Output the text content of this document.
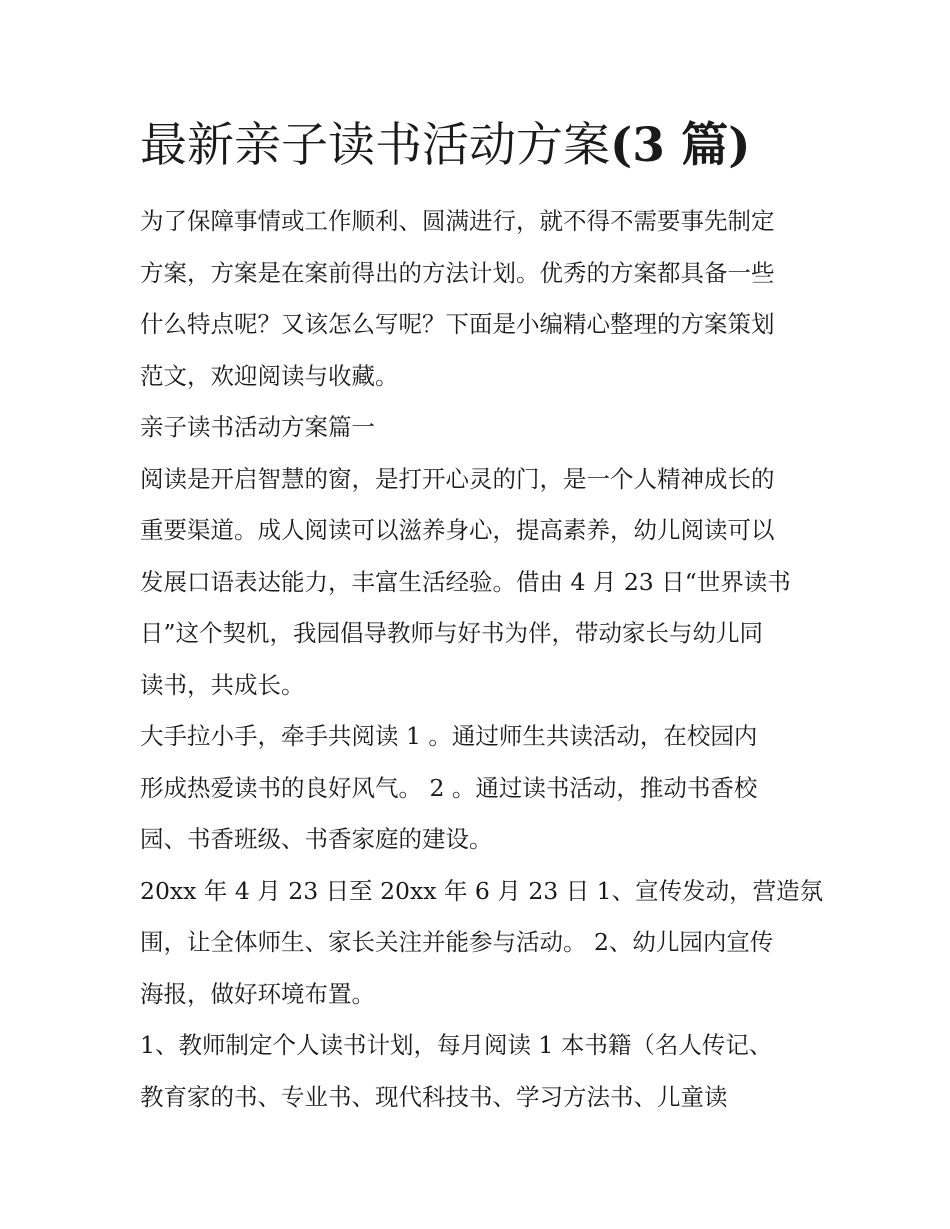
最新亲子读书活动方案(3 篇)
为了保障事情或工作顺利、圆满进行，就不得不需要事先制定
方案，方案是在案前得出的方法计划。优秀的方案都具备一些
什么特点呢？又该怎么写呢？下面是小编精心整理的方案策划
范文，欢迎阅读与收藏。
亲子读书活动方案篇一
阅读是开启智慧的窗，是打开心灵的门，是一个人精神成长的
重要渠道。成人阅读可以滋养身心，提高素养，幼儿阅读可以
发展口语表达能力，丰富生活经验。借由 4 月 23 日“世界读书
日”这个契机，我园倡导教师与好书为伴，带动家长与幼儿同
读书，共成长。
大手拉小手，牵手共阅读 1 。通过师生共读活动，在校园内
形成热爱读书的良好风气。 2 。通过读书活动，推动书香校
园、书香班级、书香家庭的建设。
20xx 年 4 月 23 日至 20xx 年 6 月 23 日 1、宣传发动，营造氛
围，让全体师生、家长关注并能参与活动。 2、幼儿园内宣传
海报，做好环境布置。
1、教师制定个人读书计划，每月阅读 1 本书籍（名人传记、
教育家的书、专业书、现代科技书、学习方法书、儿童读
